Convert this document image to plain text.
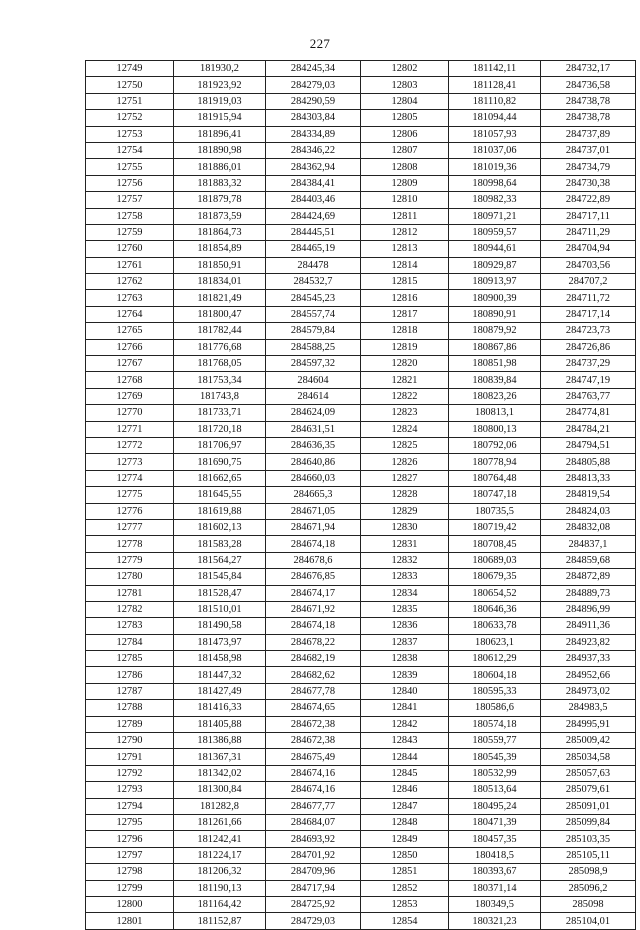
227
12749	181930,2	284245,34	12802	181142,11	284732,17
12750	181923,92	284279,03	12803	181128,41	284736,58
12751	181919,03	284290,59	12804	181110,82	284738,78
12752	181915,94	284303,84	12805	181094,44	284738,78
12753	181896,41	284334,89	12806	181057,93	284737,89
12754	181890,98	284346,22	12807	181037,06	284737,01
12755	181886,01	284362,94	12808	181019,36	284734,79
12756	181883,32	284384,41	12809	180998,64	284730,38
12757	181879,78	284403,46	12810	180982,33	284722,89
12758	181873,59	284424,69	12811	180971,21	284717,11
12759	181864,73	284445,51	12812	180959,57	284711,29
12760	181854,89	284465,19	12813	180944,61	284704,94
12761	181850,91	284478	12814	180929,87	284703,56
12762	181834,01	284532,7	12815	180913,97	284707,2
12763	181821,49	284545,23	12816	180900,39	284711,72
12764	181800,47	284557,74	12817	180890,91	284717,14
12765	181782,44	284579,84	12818	180879,92	284723,73
12766	181776,68	284588,25	12819	180867,86	284726,86
12767	181768,05	284597,32	12820	180851,98	284737,29
12768	181753,34	284604	12821	180839,84	284747,19
12769	181743,8	284614	12822	180823,26	284763,77
12770	181733,71	284624,09	12823	180813,1	284774,81
12771	181720,18	284631,51	12824	180800,13	284784,21
12772	181706,97	284636,35	12825	180792,06	284794,51
12773	181690,75	284640,86	12826	180778,94	284805,88
12774	181662,65	284660,03	12827	180764,48	284813,33
12775	181645,55	284665,3	12828	180747,18	284819,54
12776	181619,88	284671,05	12829	180735,5	284824,03
12777	181602,13	284671,94	12830	180719,42	284832,08
12778	181583,28	284674,18	12831	180708,45	284837,1
12779	181564,27	284678,6	12832	180689,03	284859,68
12780	181545,84	284676,85	12833	180679,35	284872,89
12781	181528,47	284674,17	12834	180654,52	284889,73
12782	181510,01	284671,92	12835	180646,36	284896,99
12783	181490,58	284674,18	12836	180633,78	284911,36
12784	181473,97	284678,22	12837	180623,1	284923,82
12785	181458,98	284682,19	12838	180612,29	284937,33
12786	181447,32	284682,62	12839	180604,18	284952,66
12787	181427,49	284677,78	12840	180595,33	284973,02
12788	181416,33	284674,65	12841	180586,6	284983,5
12789	181405,88	284672,38	12842	180574,18	284995,91
12790	181386,88	284672,38	12843	180559,77	285009,42
12791	181367,31	284675,49	12844	180545,39	285034,58
12792	181342,02	284674,16	12845	180532,99	285057,63
12793	181300,84	284674,16	12846	180513,64	285079,61
12794	181282,8	284677,77	12847	180495,24	285091,01
12795	181261,66	284684,07	12848	180471,39	285099,84
12796	181242,41	284693,92	12849	180457,35	285103,35
12797	181224,17	284701,92	12850	180418,5	285105,11
12798	181206,32	284709,96	12851	180393,67	285098,9
12799	181190,13	284717,94	12852	180371,14	285096,2
12800	181164,42	284725,92	12853	180349,5	285098
12801	181152,87	284729,03	12854	180321,23	285104,01
